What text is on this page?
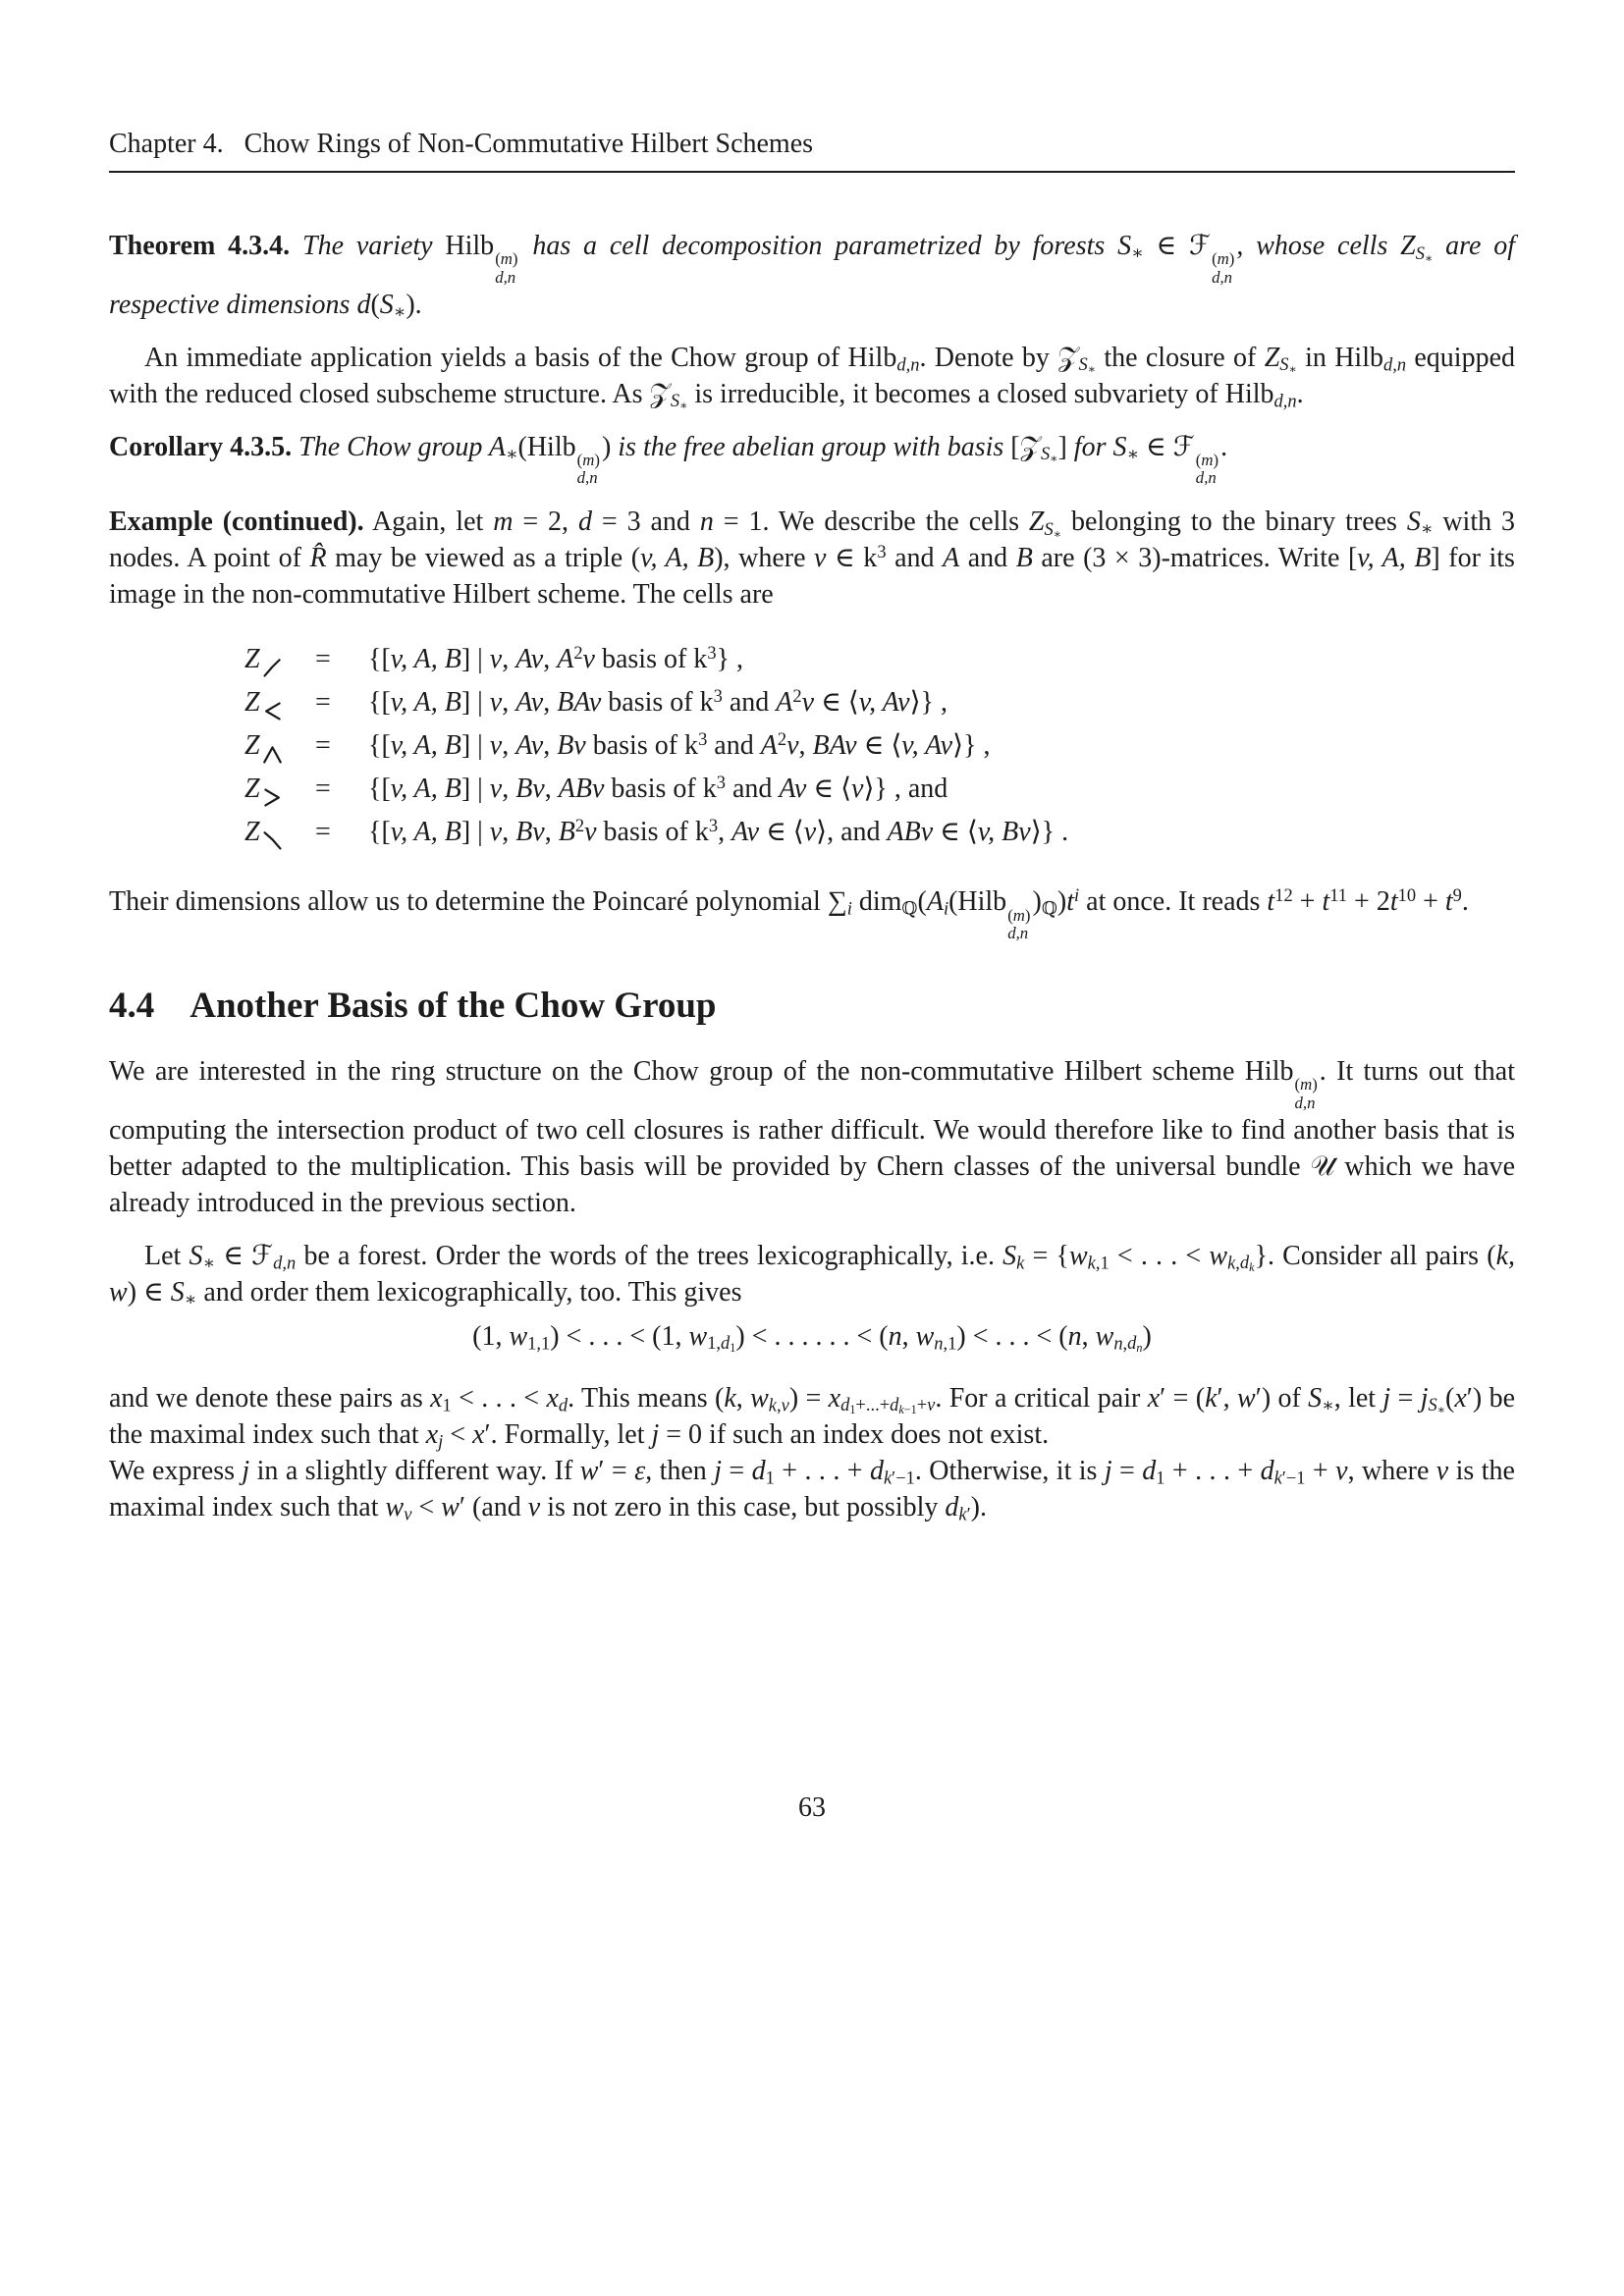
Chapter 4.   Chow Rings of Non-Commutative Hilbert Schemes

Theorem 4.3.4. The variety Hilb (m)
d,n
has a cell decomposition parametrized by forests $S_∗$ ∈ ℱ (m)
d,n
, whose cells $Z_{S_∗}$ are of respective dimensions $d(S_∗)$.

An immediate application yields a basis of the Chow group of Hilb$_{d,n}$. Denote by 𝒵$_{S_∗}$ the closure of $Z_{S_∗}$ in Hilb$_{d,n}$ equipped with the reduced closed subscheme structure. As 𝒵$_{S_∗}$ is irreducible, it becomes a closed subvariety of Hilb$_{d,n}$.

Corollary 4.3.5. The Chow group $A_∗(Hilb$ (m)
d,n
) is the free abelian group with basis [𝒵$_{S_∗}$] for $S_∗$ ∈ ℱ (m)
d,n
.

Example (continued). Again, let m = 2, d = 3 and n = 1. We describe the cells $Z_{S_∗}$ belonging to the binary trees $S_∗$ with 3 nodes. A point of R̂ may be viewed as a triple (v, A, B), where v ∈ $k^3$ and A and B are (3 × 3)-matrices. Write [v, A, B] for its image in the non-commutative Hilbert scheme. The cells are

Z	=	{[v, A, B] | v, Av, $A^2v$ basis of $k^3$} ,
Z	=	{[v, A, B] | v, Av, BAv basis of $k^3$ and $A^2v$ ∈ ⟨v, Av⟩} ,
Z	=	{[v, A, B] | v, Av, Bv basis of $k^3$ and $A^2v$, BAv ∈ ⟨v, Av⟩} ,
Z	=	{[v, A, B] | v, Bv, ABv basis of $k^3$ and Av ∈ ⟨v⟩} , and
Z	=	{[v, A, B] | v, Bv, $B^2v$ basis of $k^3$, Av ∈ ⟨v⟩, and ABv ∈ ⟨v, Bv⟩} .

Their dimensions allow us to determine the Poincaré polynomial $\sum_i$ $dim_ℚ(A_i(Hilb$ (m)
d,n
)$_ℚ)t^i$ at once. It reads $t^{12} + t^{11} + 2t^{10} + t^9$.

4.4 Another Basis of the Chow Group

We are interested in the ring structure on the Chow group of the non-commutative Hilbert scheme Hilb (m)
d,n
. It turns out that computing the intersection product of two cell closures is rather difficult. We would therefore like to find another basis that is better adapted to the multiplication. This basis will be provided by Chern classes of the universal bundle 𝒰 which we have already introduced in the previous section.

Let $S_∗$ ∈ ℱ$_{d,n}$ be a forest. Order the words of the trees lexicographically, i.e. $S_k = \{w_{k,1}$ < . . . < $w_{k,d_k}$}. Consider all pairs (k, w) ∈ $S_∗$ and order them lexicographically, too. This gives

(1, $w_{1,1}$) < . . . < (1, $w_{1,d_1}$) < . . . . . . < (n, $w_{n,1}$) < . . . < (n, $w_{n,d_n}$)

and we denote these pairs as $x_1$ < . . . < $x_d$. This means (k, $w_{k,\nu}) = x_{d_1+...+d_{k-1}+\nu}$. For a critical pair x′ = (k′, w′) of $S_∗$, let $j = j_{S_∗}(x')$ be the maximal index such that $x_j < x'$. Formally, let j = 0 if such an index does not exist.

We express j in a slightly different way. If w′ = ε, then $j = d_1$ + . . . + $d_{k'-1}$. Otherwise, it is $j = d_1$ + . . . + $d_{k'-1} + \nu$, where ν is the maximal index such that $w_\nu < w'$ (and ν is not zero in this case, but possibly $d_{k'}$).

63
